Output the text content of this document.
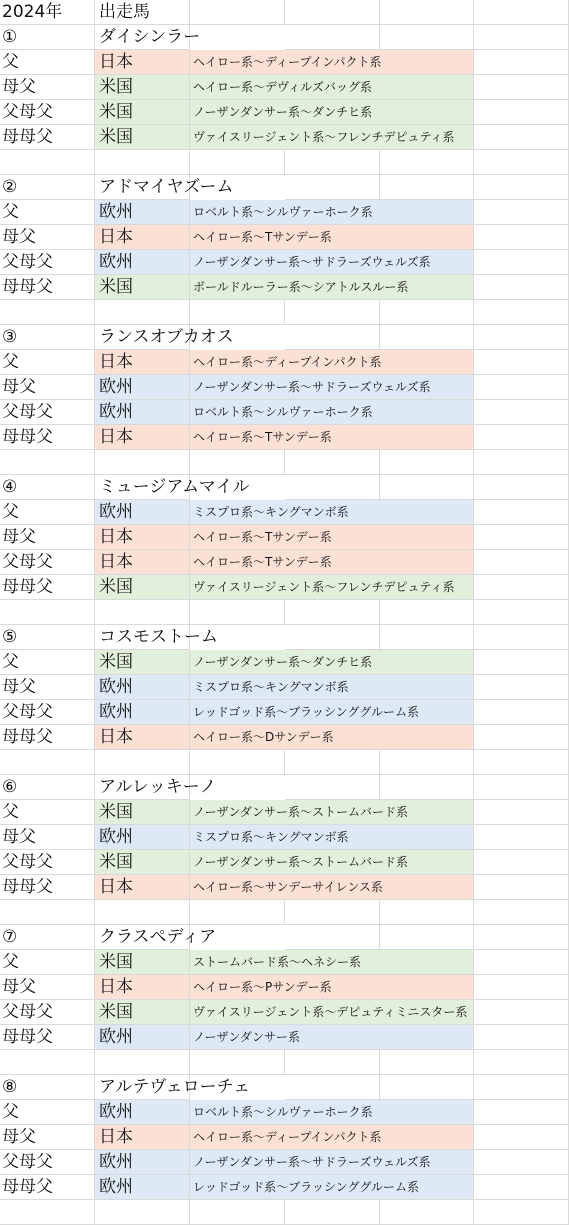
2024年	出走馬
①	ダイシンラー
父	日本	ヘイロー系～ディープインパクト系
母父	米国	ヘイロー系～デヴィルズバッグ系
父母父	米国	ノーザンダンサー系～ダンチヒ系
母母父	米国	ヴァイスリージェント系～フレンチデピュティ系
②	アドマイヤズーム
父	欧州	ロベルト系～シルヴァーホーク系
母父	日本	ヘイロー系～Tサンデー系
父母父	欧州	ノーザンダンサー系～サドラーズウェルズ系
母母父	米国	ボールドルーラー系～シアトルスルー系
③	ランスオブカオス
父	日本	ヘイロー系～ディープインパクト系
母父	欧州	ノーザンダンサー系～サドラーズウェルズ系
父母父	欧州	ロベルト系～シルヴァーホーク系
母母父	日本	ヘイロー系～Tサンデー系
④	ミュージアムマイル
父	欧州	ミスプロ系～キングマンボ系
母父	日本	ヘイロー系～Tサンデー系
父母父	日本	ヘイロー系～Tサンデー系
母母父	米国	ヴァイスリージェント系～フレンチデピュティ系
⑤	コスモストーム
父	米国	ノーザンダンサー系～ダンチヒ系
母父	欧州	ミスプロ系～キングマンボ系
父母父	欧州	レッドゴッド系～ブラッシンググルーム系
母母父	日本	ヘイロー系～Dサンデー系
⑥	アルレッキーノ
父	米国	ノーザンダンサー系～ストームバード系
母父	欧州	ミスプロ系～キングマンボ系
父母父	米国	ノーザンダンサー系～ストームバード系
母母父	日本	ヘイロー系～サンデーサイレンス系
⑦	クラスペディア
父	米国	ストームバード系～ヘネシー系
母父	日本	ヘイロー系～Pサンデー系
父母父	米国	ヴァイスリージェント系～デピュティミニスター系
母母父	欧州	ノーザンダンサー系
⑧	アルテヴェローチェ
父	欧州	ロベルト系～シルヴァーホーク系
母父	日本	ヘイロー系～ディープインパクト系
父母父	欧州	ノーザンダンサー系～サドラーズウェルズ系
母母父	欧州	レッドゴッド系～ブラッシンググルーム系
